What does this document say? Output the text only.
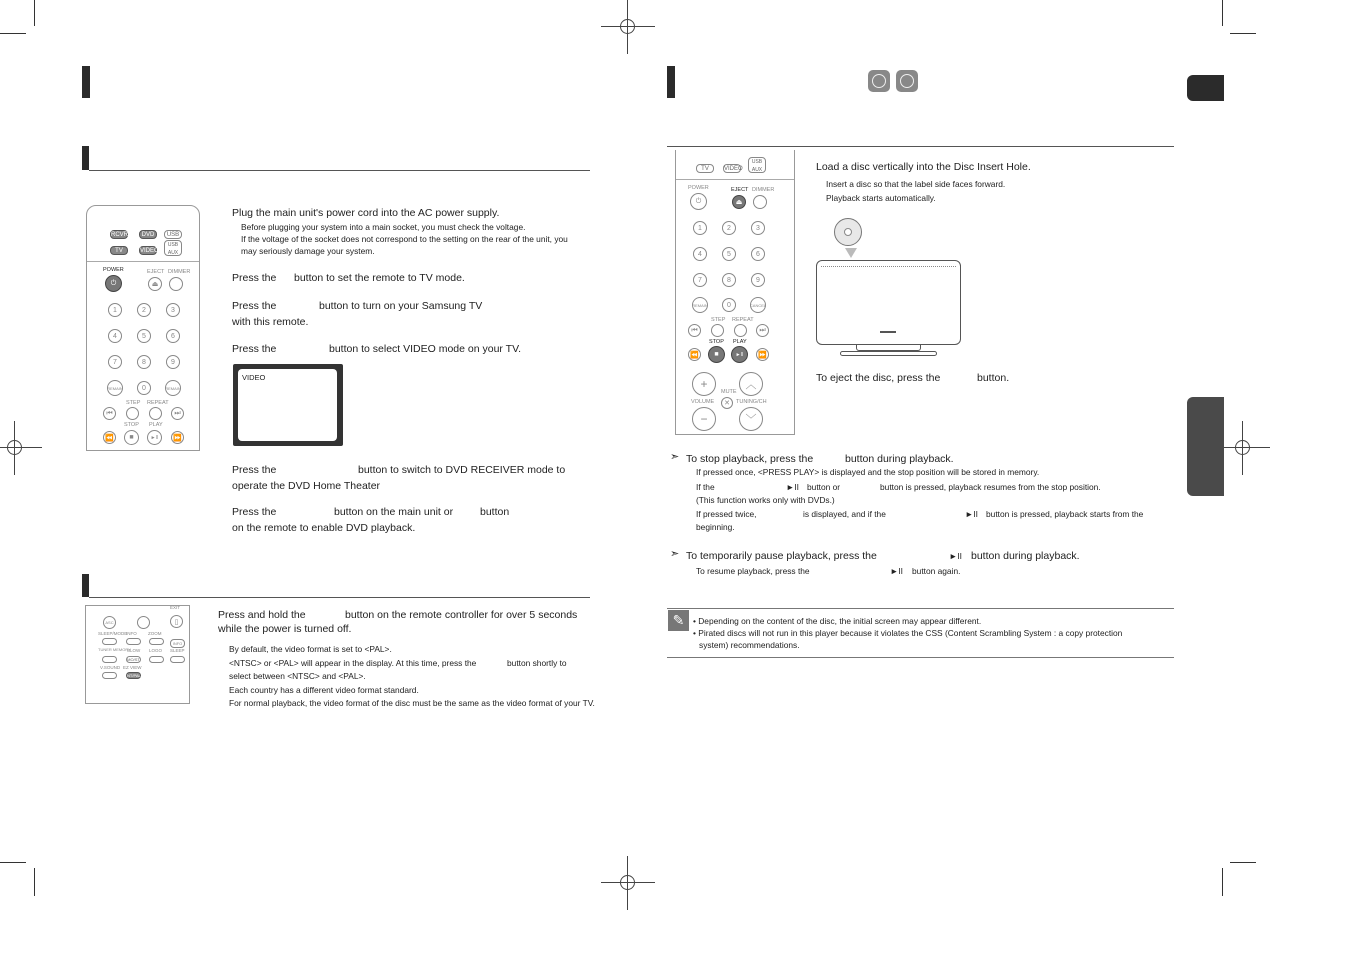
RCVR	DVD	USB
TV	VIDEO
USB AUX
POWER	EJECT DIMMER
⏻	⏏
1	2	3
4	5	6
7	8	9
REMAIN	0	REMAIN
STEP REPEAT
⏮	⏭
STOP PLAY
⏪	■	►II	⏩
Plug the main unit's power cord into the AC power supply.
Before plugging your system into a main socket, you must check the voltage.
If the voltage of the socket does not correspond to the setting on the rear of the unit, you
may seriously damage your system.
Press the button to set the remote to TV mode.
Press the	button to turn on your Samsung TV
with this remote.
Press the	button to select VIDEO mode on your TV.
VIDEO
Press the	button to switch to DVD RECEIVER mode to
operate the DVD Home Theater
Press the	button on the main unit or	button
on the remote to enable DVD playback.
ASC
EXIT
▯
SLEEP/MODE
INFO	ZOOM
INFO
TUNER MEMORY
SLOW LOGO SLEEP
MO/ST
V.SOUND EZ VIEW
NT/PAL
Press and hold the	button on the remote controller for over 5 seconds
while the power is turned off.
By default, the video format is set to <PAL>.
<NTSC> or <PAL> will appear in the display. At this time, press the	button shortly to
select between <NTSC> and <PAL>.
Each country has a different video format standard.
For normal playback, the video format of the disc must be the same as the video format of your TV.
TV	VIDEO
USB AUX
POWER	EJECT DIMMER
⏻	⏏
1	2	3
4	5	6
7	8	9
REMAIN	0	CANCEL
STEP REPEAT
⏮	⏭
STOP PLAY
⏪	■	►II	⏩
+	︿
MUTE
✕
VOLUME	TUNING/CH
−	﹀
Load a disc vertically into the Disc Insert Hole.
Insert a disc so that the label side faces forward.
Playback starts automatically.
To eject the disc, press the	button.
➣ To stop playback, press the	button during playback.
If pressed once, <PRESS PLAY> is displayed and the stop position will be stored in memory.
If the	►II button or	button is pressed, playback resumes from the stop position.
(This function works only with DVDs.)
If pressed twice,	is displayed, and if the	►II button is pressed, playback starts from the
beginning.
➣ To temporarily pause playback, press the	►II button during playback.
To resume playback, press the	►II button again.
✎	• Depending on the content of the disc, the initial screen may appear different.
• Pirated discs will not run in this player because it violates the CSS (Content Scrambling System : a copy protection
system) recommendations.
